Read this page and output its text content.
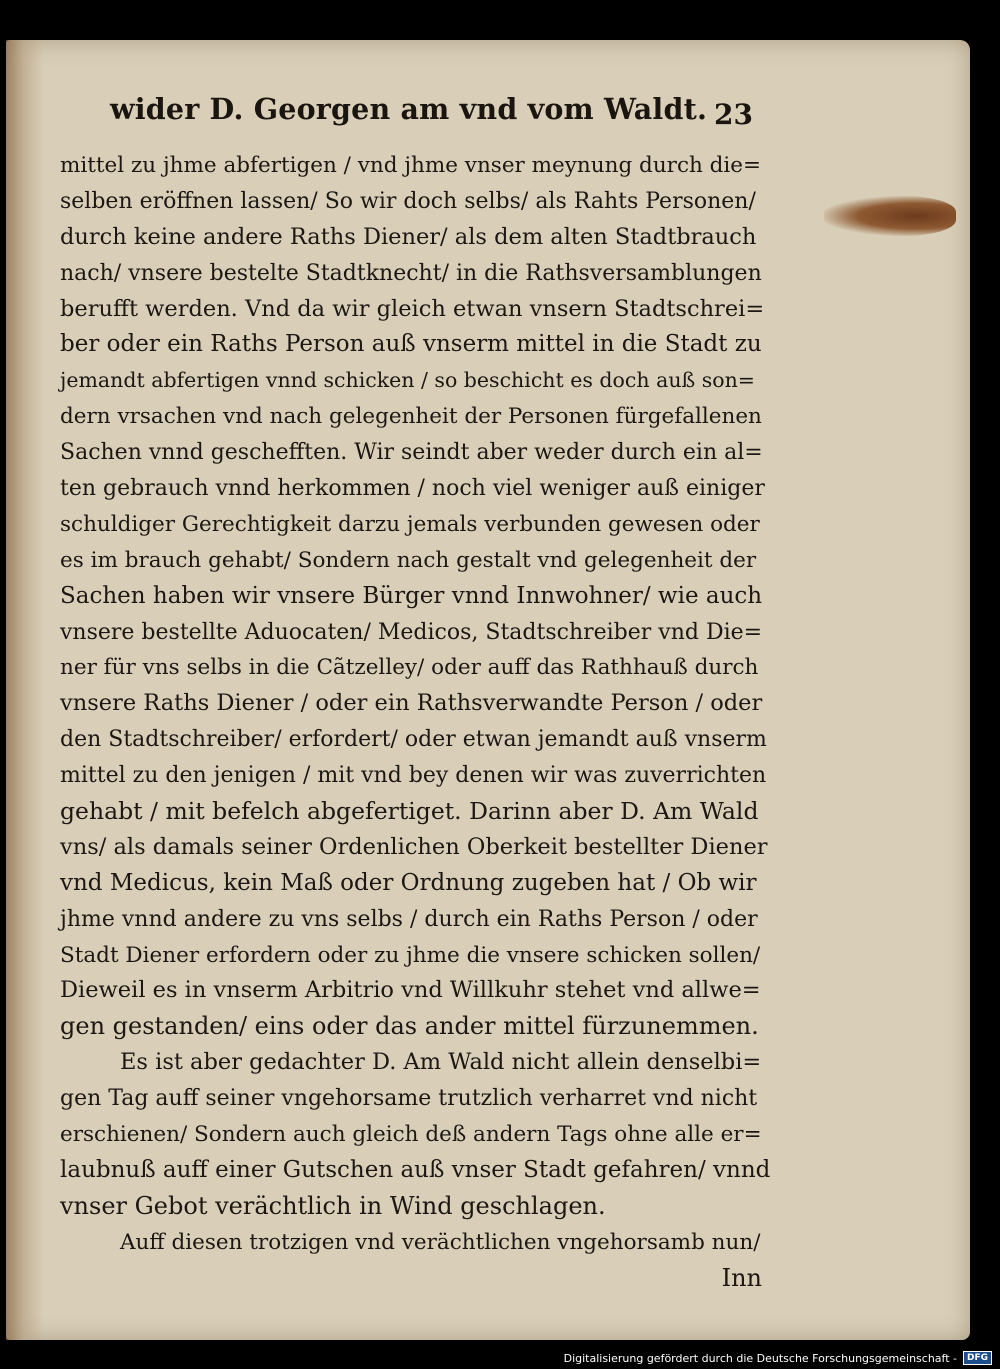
wider D. Georgen am vnd vom Waldt. 23
mittel zu jhme abfertigen / vnd jhme vnser meynung durch die=
selben eröffnen lassen/ So wir doch selbs/ als Rahts Personen/
durch keine andere Raths Diener/ als dem alten Stadtbrauch
nach/ vnsere bestelte Stadtknecht/ in die Rathsversamblungen
berufft werden. Vnd da wir gleich etwan vnsern Stadtschrei=
ber oder ein Raths Person auß vnserm mittel in die Stadt zu
jemandt abfertigen vnnd schicken / so beschicht es doch auß son=
dern vrsachen vnd nach gelegenheit der Personen fürgefallenen
Sachen vnnd geschefften. Wir seindt aber weder durch ein al=
ten gebrauch vnnd herkommen / noch viel weniger auß einiger
schuldiger Gerechtigkeit darzu jemals verbunden gewesen oder
es im brauch gehabt/ Sondern nach gestalt vnd gelegenheit der
Sachen haben wir vnsere Bürger vnnd Innwohner/ wie auch
vnsere bestellte Aduocaten/ Medicos, Stadtschreiber vnd Die=
ner für vns selbs in die Cãtzelley/ oder auff das Rathhauß durch
vnsere Raths Diener / oder ein Rathsverwandte Person / oder
den Stadtschreiber/ erfordert/ oder etwan jemandt auß vnserm
mittel zu den jenigen / mit vnd bey denen wir was zuverrichten
gehabt / mit befelch abgefertiget. Darinn aber D. Am Wald
vns/ als damals seiner Ordenlichen Oberkeit bestellter Diener
vnd Medicus, kein Maß oder Ordnung zugeben hat / Ob wir
jhme vnnd andere zu vns selbs / durch ein Raths Person / oder
Stadt Diener erfordern oder zu jhme die vnsere schicken sollen/
Dieweil es in vnserm Arbitrio vnd Willkuhr stehet vnd allwe=
gen gestanden/ eins oder das ander mittel fürzunemmen.
Es ist aber gedachter D. Am Wald nicht allein denselbi=
gen Tag auff seiner vngehorsame trutzlich verharret vnd nicht
erschienen/ Sondern auch gleich deß andern Tags ohne alle er=
laubnuß auff einer Gutschen auß vnser Stadt gefahren/ vnnd
vnser Gebot verächtlich in Wind geschlagen.
Auff diesen trotzigen vnd verächtlichen vngehorsamb nun/
Inn
Digitalisierung gefördert durch die Deutsche Forschungsgemeinschaft -	DFG
